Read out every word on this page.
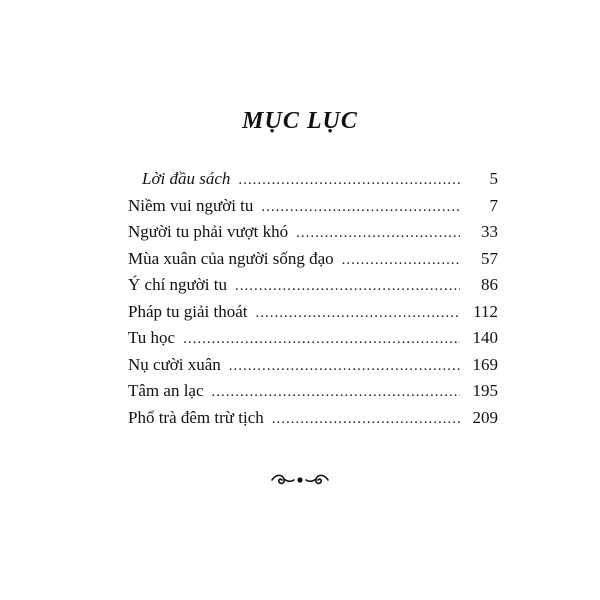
MỤC LỤC
Lời đầu sách .....	5
Niềm vui người tu .....	7
Người tu phải vượt khó .....	33
Mùa xuân của người sống đạo .....	57
Ý chí người tu .....	86
Pháp tu giải thoát .....	112
Tu học .....	140
Nụ cười xuân .....	169
Tâm an lạc .....	195
Phổ trà đêm trừ tịch .....	209
